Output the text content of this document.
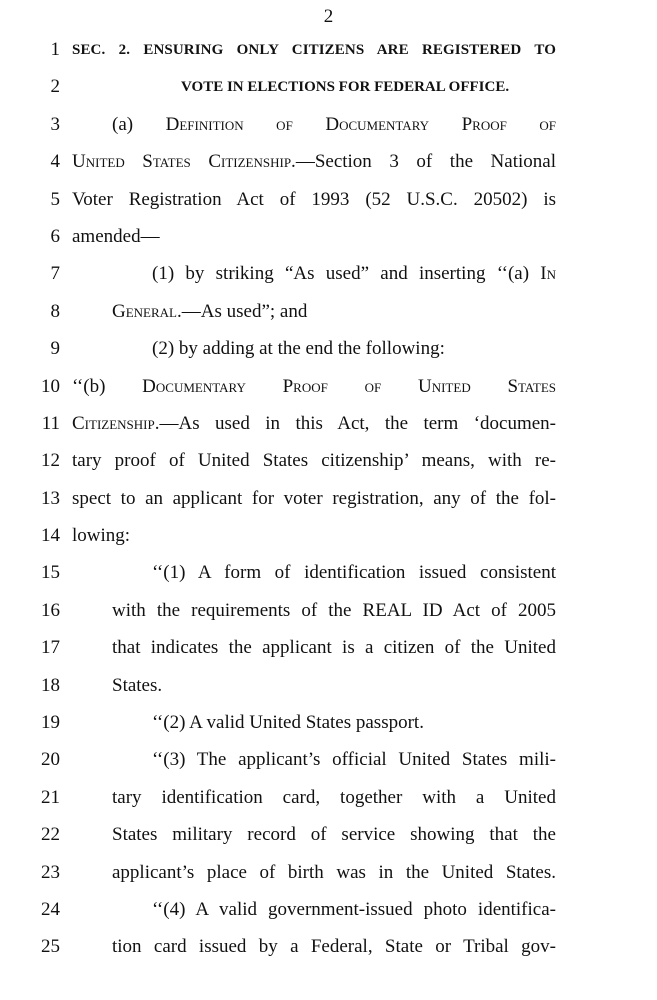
2
1 SEC. 2. ENSURING ONLY CITIZENS ARE REGISTERED TO
2	VOTE IN ELECTIONS FOR FEDERAL OFFICE.
3	(a) Definition of Documentary Proof of
4 United States Citizenship.—Section 3 of the National
5 Voter Registration Act of 1993 (52 U.S.C. 20502) is
6 amended—
7	(1) by striking “As used” and inserting ‘‘(a) In
8	General.—As used”; and
9	(2) by adding at the end the following:
10 ‘‘(b) Documentary Proof of United States
11 Citizenship.—As used in this Act, the term ‘documen-
12 tary proof of United States citizenship’ means, with re-
13 spect to an applicant for voter registration, any of the fol-
14 lowing:
15	‘‘(1) A form of identification issued consistent
16	with the requirements of the REAL ID Act of 2005
17	that indicates the applicant is a citizen of the United
18	States.
19	‘‘(2) A valid United States passport.
20	‘‘(3) The applicant’s official United States mili-
21	tary identification card, together with a United
22	States military record of service showing that the
23	applicant’s place of birth was in the United States.
24	‘‘(4) A valid government-issued photo identifica-
25	tion card issued by a Federal, State or Tribal gov-
